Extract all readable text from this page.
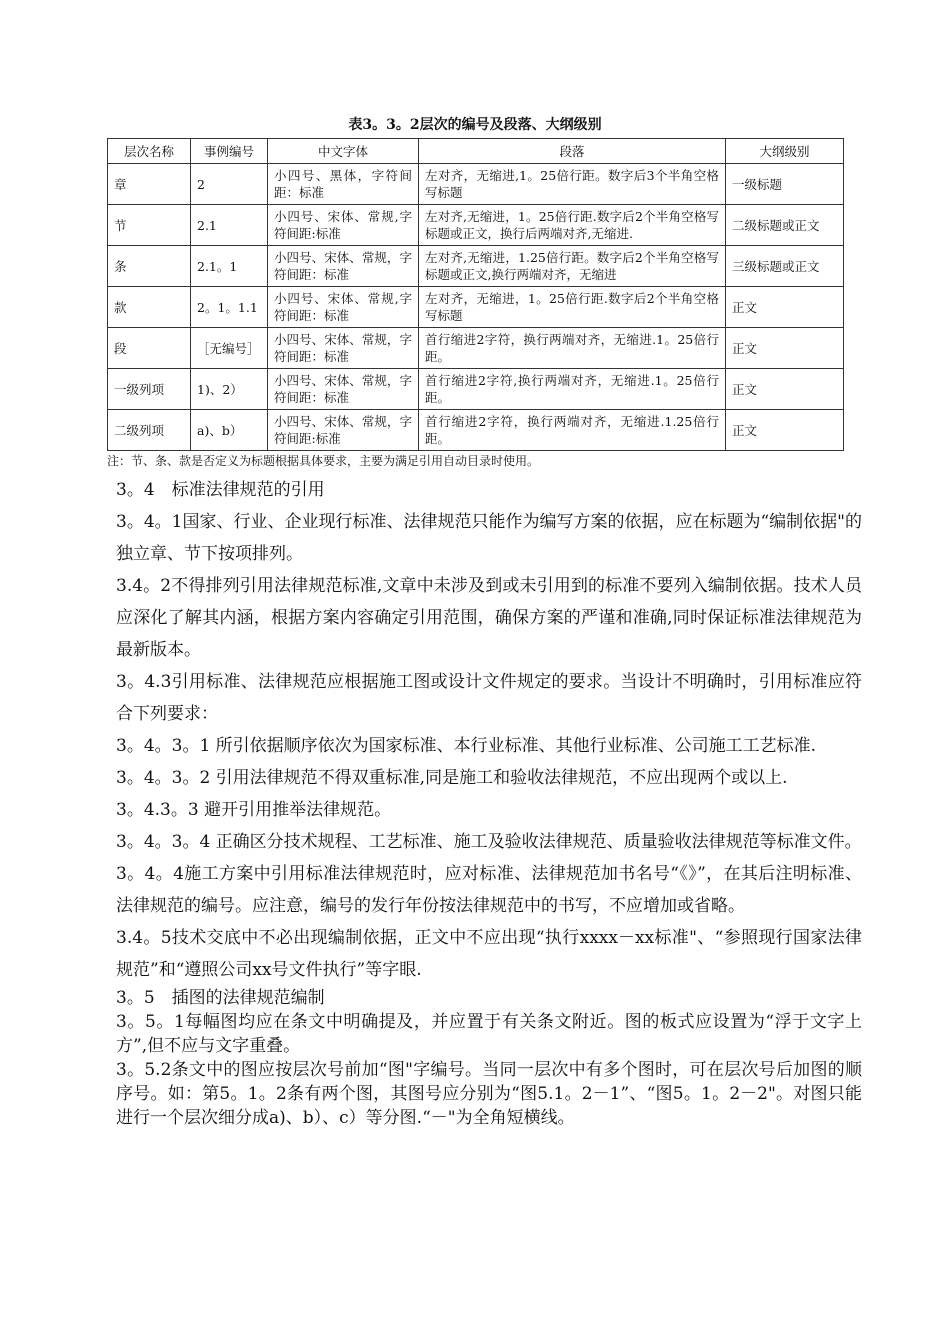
表3。3。2层次的编号及段落、大纲级别
层次名称	事例编号	中文字体	段落	大纲级别
章	2	小四号、黑体，字符间距：标准	左对齐，无缩进,1。25倍行距。数字后3个半角空格写标题	一级标题
节	2.1	小四号、宋体、常规,字符间距:标准	左对齐,无缩进，1。25倍行距.数字后2个半角空格写标题或正文，换行后两端对齐,无缩进.	二级标题或正文
条	2.1。1	小四号、宋体、常规，字符间距：标准	左对齐,无缩进，1.25倍行距。数字后2个半角空格写标题或正文,换行两端对齐，无缩进	三级标题或正文
款	2。1。1.1	小四号、宋体、常规,字符间距：标准	左对齐，无缩进，1。25倍行距.数字后2个半角空格写标题	正文
段	［无编号］	小四号、宋体、常规，字符间距：标准	首行缩进2字符，换行两端对齐，无缩进.1。25倍行距。	正文
一级列项	1)、2）	小四号、宋体、常规，字符间距：标准	首行缩进2字符,换行两端对齐，无缩进.1。25倍行距。	正文
二级列项	a)、b）	小四号、宋体、常规，字符间距:标准	首行缩进2字符，换行两端对齐，无缩进.1.25倍行距。	正文
注：节、条、款是否定义为标题根据具体要求，主要为满足引用自动目录时使用。

3。4　标准法律规范的引用

3。4。1国家、行业、企业现行标准、法律规范只能作为编写方案的依据，应在标题为“编制依据"的独立章、节下按项排列。

3.4。2不得排列引用法律规范标准,文章中未涉及到或未引用到的标准不要列入编制依据。技术人员应深化了解其内涵，根据方案内容确定引用范围，确保方案的严谨和准确,同时保证标准法律规范为最新版本。

3。4.3引用标准、法律规范应根据施工图或设计文件规定的要求。当设计不明确时，引用标准应符合下列要求：

3。4。3。1 所引依据顺序依次为国家标准、本行业标准、其他行业标准、公司施工工艺标准.

3。4。3。2 引用法律规范不得双重标准,同是施工和验收法律规范，不应出现两个或以上.

3。4.3。3 避开引用推举法律规范。

3。4。3。4 正确区分技术规程、工艺标准、施工及验收法律规范、质量验收法律规范等标准文件。

3。4。4施工方案中引用标准法律规范时，应对标准、法律规范加书名号“《》”，在其后注明标准、法律规范的编号。应注意，编号的发行年份按法律规范中的书写，不应增加或省略。

3.4。5技术交底中不必出现编制依据，正文中不应出现“执行xxxx－xx标准"、“参照现行国家法律规范”和“遵照公司xx号文件执行”等字眼.

3。5　插图的法律规范编制

3。5。1每幅图均应在条文中明确提及，并应置于有关条文附近。图的板式应设置为“浮于文字上方”,但不应与文字重叠。

3。5.2条文中的图应按层次号前加“图"字编号。当同一层次中有多个图时，可在层次号后加图的顺序号。如：第5。1。2条有两个图，其图号应分别为“图5.1。2－1”、“图5。1。2－2"。对图只能进行一个层次细分成a)、b）、c）等分图.“－"为全角短横线。
